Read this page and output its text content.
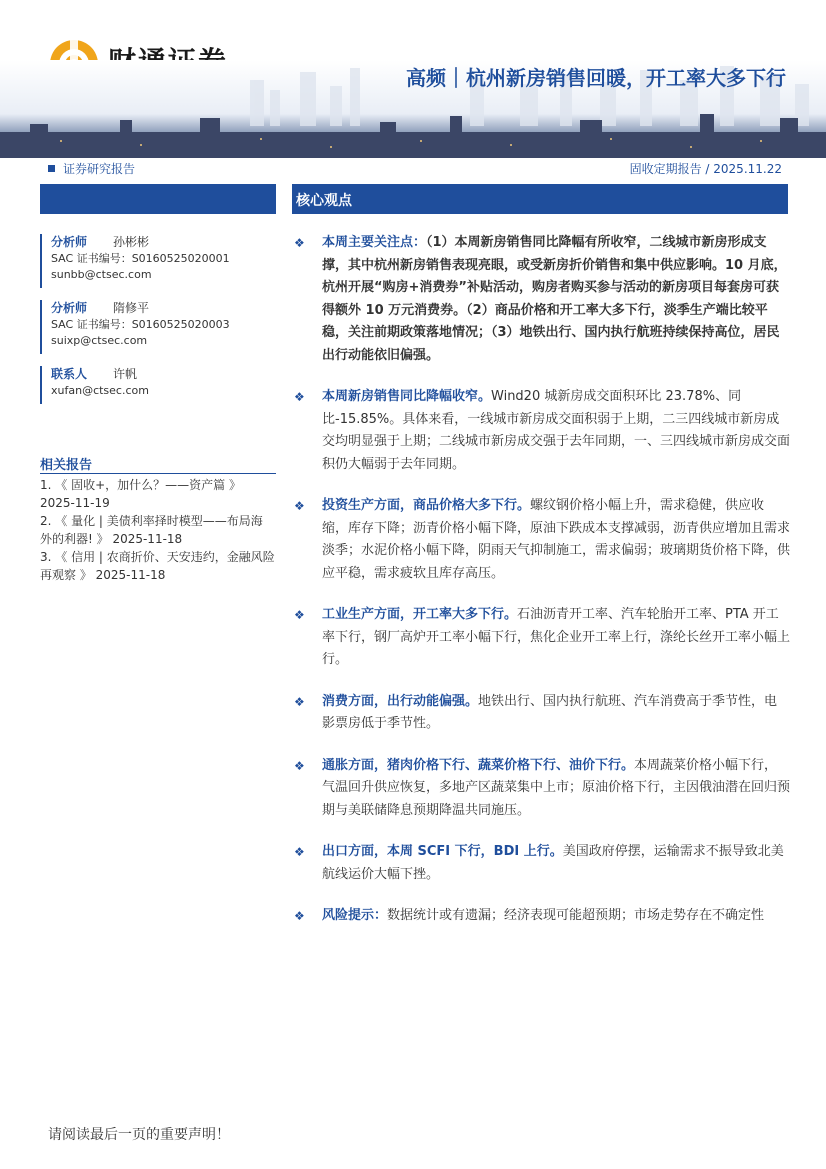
高频｜杭州新房销售回暖，开工率大多下行
证券研究报告	固收定期报告 / 2025.11.22
核心观点
分析师 孙彬彬
SAC 证书编号：S0160525020001
sunbb@ctsec.com
分析师 隋修平
SAC 证书编号：S0160525020003
suixp@ctsec.com
联系人 许帆
xufan@ctsec.com
相关报告
1. 《 固收+，加什么？——资产篇 》
2025-11-19
2. 《 量化 | 美债利率择时模型——布局海
外的利器! 》 2025-11-18
3. 《 信用 | 农商折价、天安违约，金融风险
再观察 》 2025-11-18
❖ 本周主要关注点：（1）本周新房销售同比降幅有所收窄，二线城市新房形成支撑，其中杭州新房销售表现亮眼，或受新房折价销售和集中供应影响。10 月底，杭州开展“购房+消费券”补贴活动，购房者购买参与活动的新房项目每套房可获得额外 10 万元消费券。（2）商品价格和开工率大多下行，淡季生产端比较平稳，关注前期政策落地情况；（3）地铁出行、国内执行航班持续保持高位，居民出行动能依旧偏强。
❖ 本周新房销售同比降幅收窄。Wind20 城新房成交面积环比 23.78%、同比-15.85%。具体来看，一线城市新房成交面积弱于上期，二三四线城市新房成交均明显强于上期；二线城市新房成交强于去年同期，一、三四线城市新房成交面积仍大幅弱于去年同期。
❖ 投资生产方面，商品价格大多下行。螺纹钢价格小幅上升，需求稳健，供应收缩，库存下降；沥青价格小幅下降，原油下跌成本支撑减弱，沥青供应增加且需求淡季；水泥价格小幅下降，阴雨天气抑制施工，需求偏弱；玻璃期货价格下降，供应平稳，需求疲软且库存高压。
❖ 工业生产方面，开工率大多下行。石油沥青开工率、汽车轮胎开工率、PTA 开工率下行，钢厂高炉开工率小幅下行，焦化企业开工率上行，涤纶长丝开工率小幅上行。
❖ 消费方面，出行动能偏强。地铁出行、国内执行航班、汽车消费高于季节性，电影票房低于季节性。
❖ 通胀方面，猪肉价格下行、蔬菜价格下行、油价下行。本周蔬菜价格小幅下行，气温回升供应恢复，多地产区蔬菜集中上市；原油价格下行，主因俄油潜在回归预期与美联储降息预期降温共同施压。
❖ 出口方面，本周 SCFI 下行，BDI 上行。美国政府停摆，运输需求不振导致北美航线运价大幅下挫。
❖ 风险提示：数据统计或有遗漏；经济表现可能超预期；市场走势存在不确定性
请阅读最后一页的重要声明！
